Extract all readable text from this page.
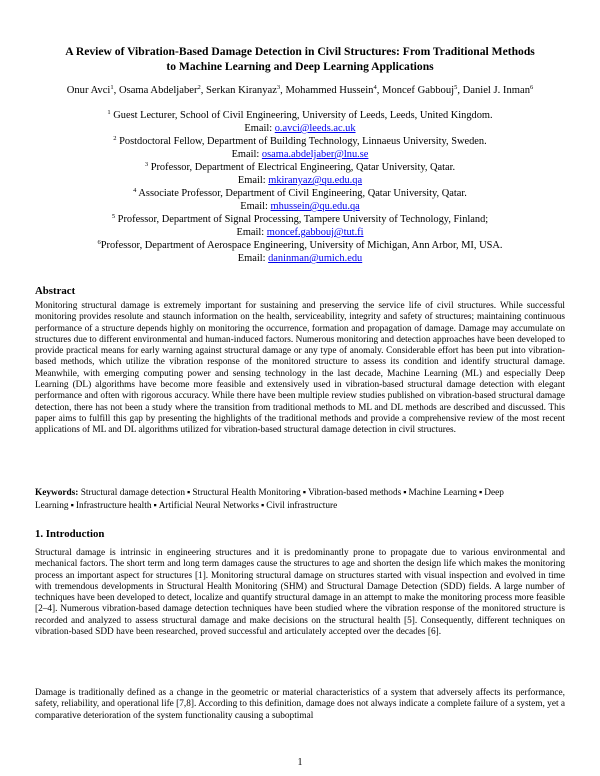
A Review of Vibration-Based Damage Detection in Civil Structures: From Traditional Methods
to Machine Learning and Deep Learning Applications
Onur Avci$^1$, Osama Abdeljaber$^2$, Serkan Kiranyaz$^3$, Mohammed Hussein$^4$, Moncef Gabbouj$^5$, Daniel J. Inman$^6$
$^1$ Guest Lecturer, School of Civil Engineering, University of Leeds, Leeds, United Kingdom.
Email: o.avci@leeds.ac.uk
$^2$ Postdoctoral Fellow, Department of Building Technology, Linnaeus University, Sweden.
Email: osama.abdeljaber@lnu.se
$^3$ Professor, Department of Electrical Engineering, Qatar University, Qatar.
Email: mkiranyaz@qu.edu.qa
$^4$ Associate Professor, Department of Civil Engineering, Qatar University, Qatar.
Email: mhussein@qu.edu.qa
$^5$ Professor, Department of Signal Processing, Tampere University of Technology, Finland;
Email: moncef.gabbouj@tut.fi
$^6$Professor, Department of Aerospace Engineering, University of Michigan, Ann Arbor, MI, USA.
Email: daninman@umich.edu
Abstract
Monitoring structural damage is extremely important for sustaining and preserving the service life of civil structures. While successful monitoring provides resolute and staunch information on the health, serviceability, integrity and safety of structures; maintaining continuous performance of a structure depends highly on monitoring the occurrence, formation and propagation of damage. Damage may accumulate on structures due to different environmental and human-induced factors. Numerous monitoring and detection approaches have been developed to provide practical means for early warning against structural damage or any type of anomaly. Considerable effort has been put into vibration-based methods, which utilize the vibration response of the monitored structure to assess its condition and identify structural damage. Meanwhile, with emerging computing power and sensing technology in the last decade, Machine Learning (ML) and especially Deep Learning (DL) algorithms have become more feasible and extensively used in vibration-based structural damage detection with elegant performance and often with rigorous accuracy. While there have been multiple review studies published on vibration-based structural damage detection, there has not been a study where the transition from traditional methods to ML and DL methods are described and discussed. This paper aims to fulfill this gap by presenting the highlights of the traditional methods and provide a comprehensive review of the most recent applications of ML and DL algorithms utilized for vibration-based structural damage detection in civil structures.
Keywords: Structural damage detection ▪ Structural Health Monitoring ▪ Vibration-based methods ▪ Machine Learning ▪ Deep Learning ▪ Infrastructure health ▪ Artificial Neural Networks ▪ Civil infrastructure
1. Introduction
Structural damage is intrinsic in engineering structures and it is predominantly prone to propagate due to various environmental and mechanical factors. The short term and long term damages cause the structures to age and shorten the design life which makes the monitoring process an important aspect for structures [1]. Monitoring structural damage on structures started with visual inspection and evolved in time with tremendous developments in Structural Health Monitoring (SHM) and Structural Damage Detection (SDD) fields. A large number of techniques have been developed to detect, localize and quantify structural damage in an attempt to make the monitoring process more feasible [2–4]. Numerous vibration-based damage detection techniques have been studied where the vibration response of the monitored structure is recorded and analyzed to assess structural damage and make decisions on the structural health [5]. Consequently, different techniques on vibration-based SDD have been researched, proved successful and articulately accepted over the decades [6].
Damage is traditionally defined as a change in the geometric or material characteristics of a system that adversely affects its performance, safety, reliability, and operational life [7,8]. According to this definition, damage does not always indicate a complete failure of a system, yet a comparative deterioration of the system functionality causing a suboptimal
1
